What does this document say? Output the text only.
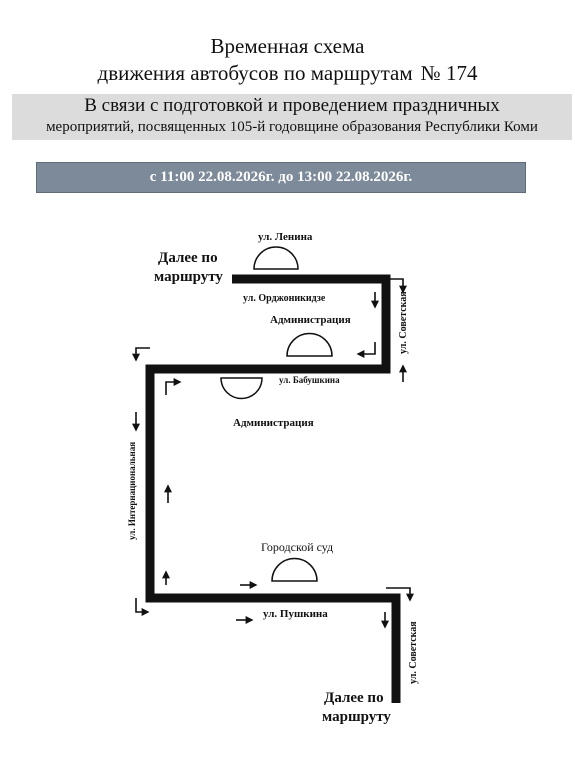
Временная схема
движения автобусов по маршрутам № 174
В связи с подготовкой и проведением праздничных
мероприятий, посвященных 105-й годовщине образования Республики Коми
с 11:00 22.08.2026г. до 13:00 22.08.2026г.
Далее по
маршруту
Далее по
маршруту
ул. Ленина
ул. Орджоникидзе	ул. Советская
ул. Бабушкина
ул. Интернациональная
ул. Пушкина
ул. Советская
Администрация
Администрация
Городской суд
